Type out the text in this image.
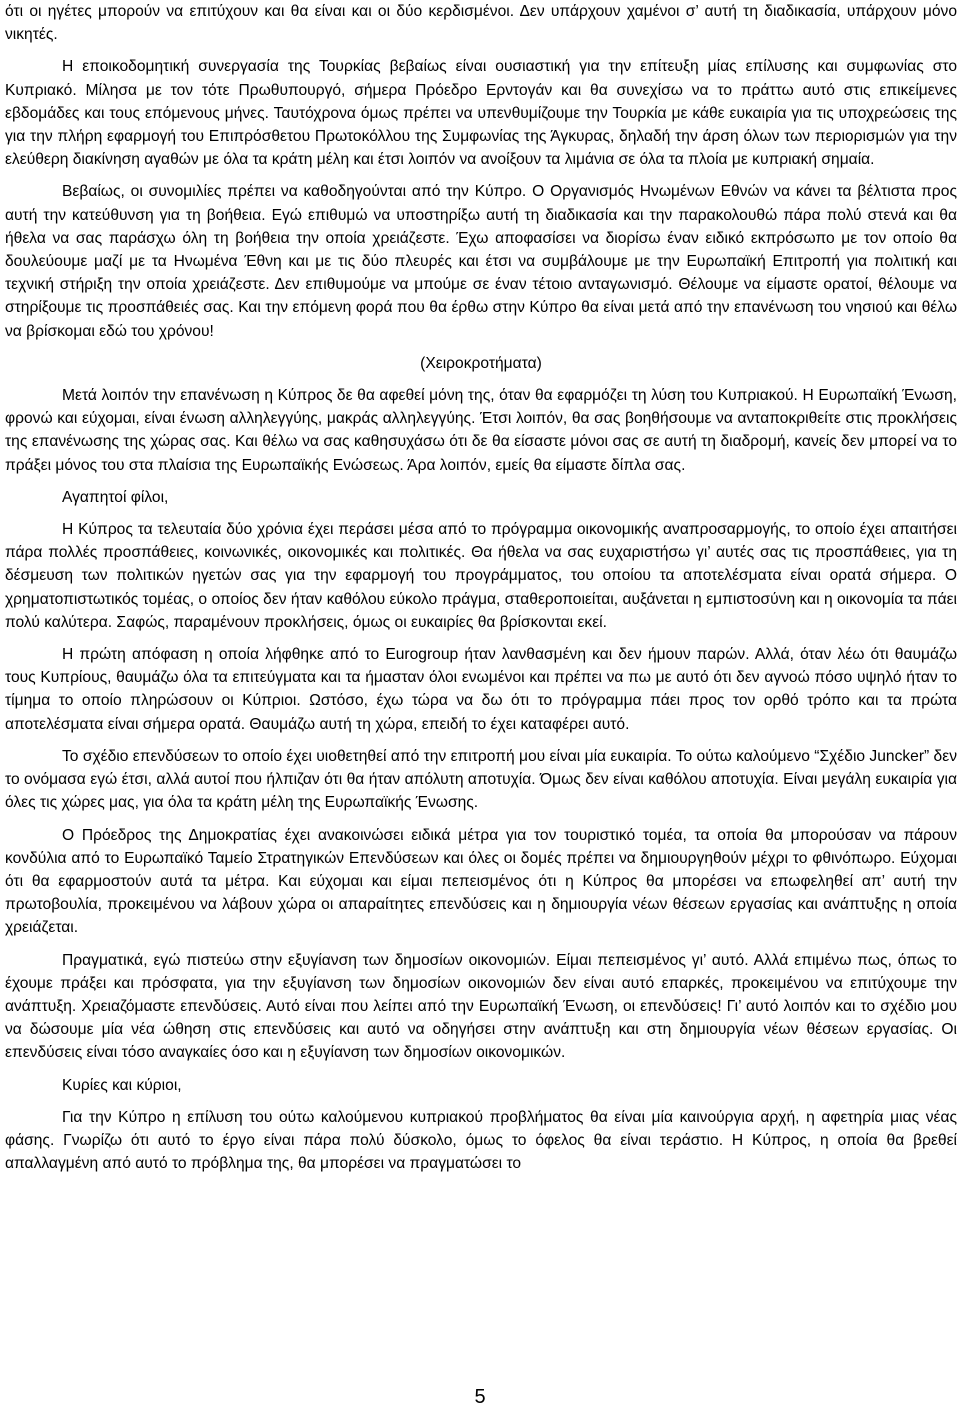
ότι οι ηγέτες μπορούν να επιτύχουν και θα είναι και οι δύο κερδισμένοι. Δεν υπάρχουν χαμένοι σ’ αυτή τη διαδικασία, υπάρχουν μόνο νικητές.

Η εποικοδομητική συνεργασία της Τουρκίας βεβαίως είναι ουσιαστική για την επίτευξη μίας επίλυσης και συμφωνίας στο Κυπριακό. Μίλησα με τον τότε Πρωθυπουργό, σήμερα Πρόεδρο Ερντογάν και θα συνεχίσω να το πράττω αυτό στις επικείμενες εβδομάδες και τους επόμενους μήνες. Ταυτόχρονα όμως πρέπει να υπενθυμίζουμε την Τουρκία με κάθε ευκαιρία για τις υποχρεώσεις της για την πλήρη εφαρμογή του Επιπρόσθετου Πρωτοκόλλου της Συμφωνίας της Άγκυρας, δηλαδή την άρση όλων των περιορισμών για την ελεύθερη διακίνηση αγαθών με όλα τα κράτη μέλη και έτσι λοιπόν να ανοίξουν τα λιμάνια σε όλα τα πλοία με κυπριακή σημαία.

Βεβαίως, οι συνομιλίες πρέπει να καθοδηγούνται από την Κύπρο. Ο Οργανισμός Ηνωμένων Εθνών να κάνει τα βέλτιστα προς αυτή την κατεύθυνση για τη βοήθεια. Εγώ επιθυμώ να υποστηρίξω αυτή τη διαδικασία και την παρακολουθώ πάρα πολύ στενά και θα ήθελα να σας παράσχω όλη τη βοήθεια την οποία χρειάζεστε. Έχω αποφασίσει να διορίσω έναν ειδικό εκπρόσωπο με τον οποίο θα δουλεύουμε μαζί με τα Ηνωμένα Έθνη και με τις δύο πλευρές και έτσι να συμβάλουμε με την Ευρωπαϊκή Επιτροπή για πολιτική και τεχνική στήριξη την οποία χρειάζεστε. Δεν επιθυμούμε να μπούμε σε έναν τέτοιο ανταγωνισμό. Θέλουμε να είμαστε ορατοί, θέλουμε να στηρίξουμε τις προσπάθειές σας. Και την επόμενη φορά που θα έρθω στην Κύπρο θα είναι μετά από την επανένωση του νησιού και θέλω να βρίσκομαι εδώ του χρόνου!

(Χειροκροτήματα)

Μετά λοιπόν την επανένωση η Κύπρος δε θα αφεθεί μόνη της, όταν θα εφαρμόζει τη λύση του Κυπριακού. Η Ευρωπαϊκή Ένωση, φρονώ και εύχομαι, είναι ένωση αλληλεγγύης, μακράς αλληλεγγύης. Έτσι λοιπόν, θα σας βοηθήσουμε να ανταποκριθείτε στις προκλήσεις της επανένωσης της χώρας σας. Και θέλω να σας καθησυχάσω ότι δε θα είσαστε μόνοι σας σε αυτή τη διαδρομή, κανείς δεν μπορεί να το πράξει μόνος του στα πλαίσια της Ευρωπαϊκής Ενώσεως. Άρα λοιπόν, εμείς θα είμαστε δίπλα σας.

Αγαπητοί φίλοι,

Η Κύπρος τα τελευταία δύο χρόνια έχει περάσει μέσα από το πρόγραμμα οικονομικής αναπροσαρμογής, το οποίο έχει απαιτήσει πάρα πολλές προσπάθειες, κοινωνικές, οικονομικές και πολιτικές. Θα ήθελα να σας ευχαριστήσω γι’ αυτές σας τις προσπάθειες, για τη δέσμευση των πολιτικών ηγετών σας για την εφαρμογή του προγράμματος, του οποίου τα αποτελέσματα είναι ορατά σήμερα. Ο χρηματοπιστωτικός τομέας, ο οποίος δεν ήταν καθόλου εύκολο πράγμα, σταθεροποιείται, αυξάνεται η εμπιστοσύνη και η οικονομία τα πάει πολύ καλύτερα. Σαφώς, παραμένουν προκλήσεις, όμως οι ευκαιρίες θα βρίσκονται εκεί.

Η πρώτη απόφαση η οποία λήφθηκε από το Eurogroup ήταν λανθασμένη και δεν ήμουν παρών. Αλλά, όταν λέω ότι θαυμάζω τους Κυπρίους, θαυμάζω όλα τα επιτεύγματα και τα ήμασταν όλοι ενωμένοι και πρέπει να πω με αυτό ότι δεν αγνοώ πόσο υψηλό ήταν το τίμημα το οποίο πληρώσουν οι Κύπριοι. Ωστόσο, έχω τώρα να δω ότι το πρόγραμμα πάει προς τον ορθό τρόπο και τα πρώτα αποτελέσματα είναι σήμερα ορατά. Θαυμάζω αυτή τη χώρα, επειδή το έχει καταφέρει αυτό.

Το σχέδιο επενδύσεων το οποίο έχει υιοθετηθεί από την επιτροπή μου είναι μία ευκαιρία. Το ούτω καλούμενο “Σχέδιο Juncker” δεν το ονόμασα εγώ έτσι, αλλά αυτοί που ήλπιζαν ότι θα ήταν απόλυτη αποτυχία. Όμως δεν είναι καθόλου αποτυχία. Είναι μεγάλη ευκαιρία για όλες τις χώρες μας, για όλα τα κράτη μέλη της Ευρωπαϊκής Ένωσης.

Ο Πρόεδρος της Δημοκρατίας έχει ανακοινώσει ειδικά μέτρα για τον τουριστικό τομέα, τα οποία θα μπορούσαν να πάρουν κονδύλια από το Ευρωπαϊκό Ταμείο Στρατηγικών Επενδύσεων και όλες οι δομές πρέπει να δημιουργηθούν μέχρι το φθινόπωρο. Εύχομαι ότι θα εφαρμοστούν αυτά τα μέτρα. Και εύχομαι και είμαι πεπεισμένος ότι η Κύπρος θα μπορέσει να επωφεληθεί απ’ αυτή την πρωτοβουλία, προκειμένου να λάβουν χώρα οι απαραίτητες επενδύσεις και η δημιουργία νέων θέσεων εργασίας και ανάπτυξης η οποία χρειάζεται.

Πραγματικά, εγώ πιστεύω στην εξυγίανση των δημοσίων οικονομιών. Είμαι πεπεισμένος γι’ αυτό. Αλλά επιμένω πως, όπως το έχουμε πράξει και πρόσφατα, για την εξυγίανση των δημοσίων οικονομιών δεν είναι αυτό επαρκές, προκειμένου να επιτύχουμε την ανάπτυξη. Χρειαζόμαστε επενδύσεις. Αυτό είναι που λείπει από την Ευρωπαϊκή Ένωση, οι επενδύσεις! Γι’ αυτό λοιπόν και το σχέδιο μου να δώσουμε μία νέα ώθηση στις επενδύσεις και αυτό να οδηγήσει στην ανάπτυξη και στη δημιουργία νέων θέσεων εργασίας. Οι επενδύσεις είναι τόσο αναγκαίες όσο και η εξυγίανση των δημοσίων οικονομικών.

Κυρίες και κύριοι,

Για την Κύπρο η επίλυση του ούτω καλούμενου κυπριακού προβλήματος θα είναι μία καινούργια αρχή, η αφετηρία μιας νέας φάσης. Γνωρίζω ότι αυτό το έργο είναι πάρα πολύ δύσκολο, όμως το όφελος θα είναι τεράστιο. Η Κύπρος, η οποία θα βρεθεί απαλλαγμένη από αυτό το πρόβλημα της, θα μπορέσει να πραγματώσει το

5
